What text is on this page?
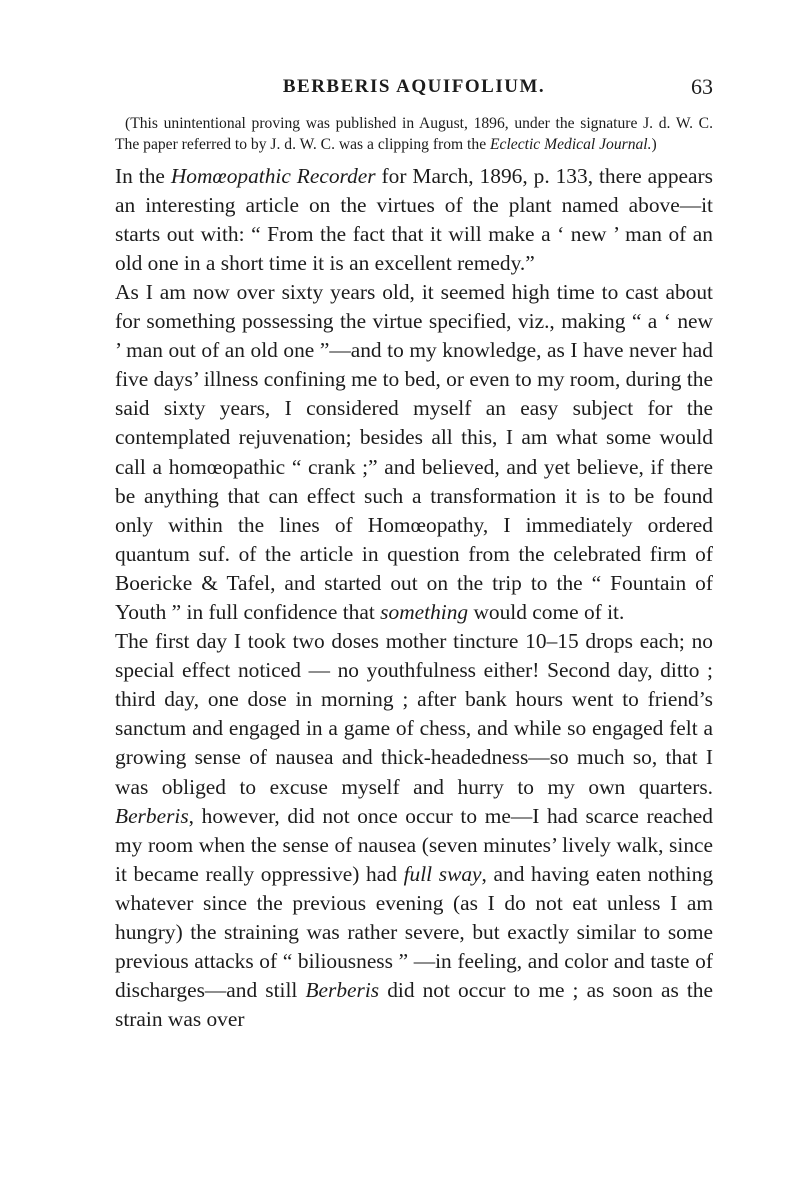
BERBERIS AQUIFOLIUM.	63

(This unintentional proving was published in August, 1896, under the signature J. d. W. C. The paper referred to by J. d. W. C. was a clipping from the Eclectic Medical Journal.)

In the Homœopathic Recorder for March, 1896, p. 133, there appears an interesting article on the virtues of the plant named above—it starts out with: “ From the fact that it will make a ‘ new ’ man of an old one in a short time it is an excellent remedy.”

As I am now over sixty years old, it seemed high time to cast about for something possessing the virtue specified, viz., making “ a ‘ new ’ man out of an old one ”—and to my knowledge, as I have never had five days’ illness confining me to bed, or even to my room, during the said sixty years, I considered myself an easy subject for the contemplated rejuvenation; besides all this, I am what some would call a homœopathic “ crank ;” and believed, and yet believe, if there be anything that can effect such a transformation it is to be found only within the lines of Homœopathy, I immediately ordered quantum suf. of the article in question from the celebrated firm of Boericke & Tafel, and started out on the trip to the “ Fountain of Youth ” in full confidence that something would come of it.

The first day I took two doses mother tincture 10–15 drops each; no special effect noticed — no youthfulness either! Second day, ditto ; third day, one dose in morning ; after bank hours went to friend’s sanctum and engaged in a game of chess, and while so engaged felt a growing sense of nausea and thick-headedness—so much so, that I was obliged to excuse myself and hurry to my own quarters. Berberis, however, did not once occur to me—I had scarce reached my room when the sense of nausea (seven minutes’ lively walk, since it became really oppressive) had full sway, and having eaten nothing whatever since the previous evening (as I do not eat unless I am hungry) the straining was rather severe, but exactly similar to some previous attacks of “ biliousness ” —in feeling, and color and taste of discharges—and still Berberis did not occur to me ; as soon as the strain was over
